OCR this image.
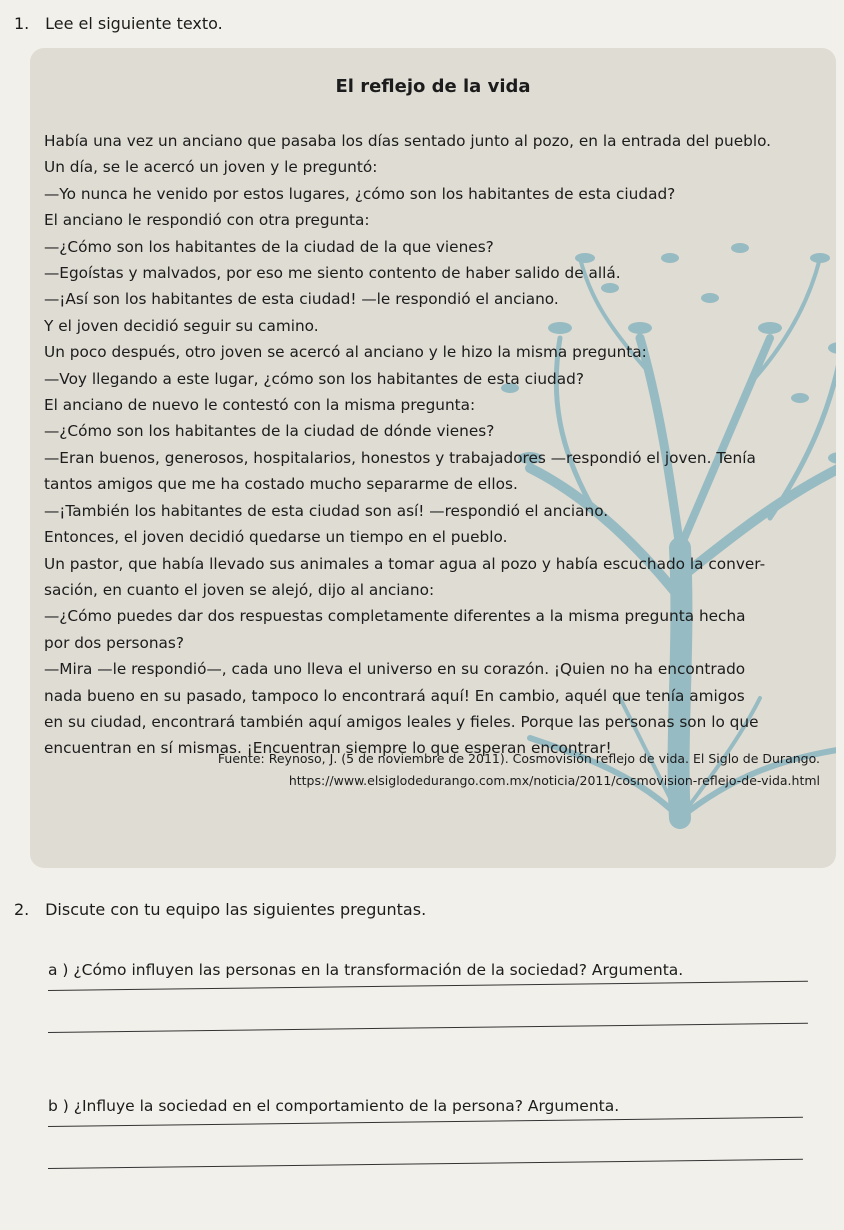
1. Lee el siguiente texto.
El reflejo de la vida

Había una vez un anciano que pasaba los días sentado junto al pozo, en la entrada del pueblo.

Un día, se le acercó un joven y le preguntó:

—Yo nunca he venido por estos lugares, ¿cómo son los habitantes de esta ciudad?

El anciano le respondió con otra pregunta:

—¿Cómo son los habitantes de la ciudad de la que vienes?

—Egoístas y malvados, por eso me siento contento de haber salido de allá.

—¡Así son los habitantes de esta ciudad! —le respondió el anciano.

Y el joven decidió seguir su camino.

Un poco después, otro joven se acercó al anciano y le hizo la misma pregunta:

—Voy llegando a este lugar, ¿cómo son los habitantes de esta ciudad?

El anciano de nuevo le contestó con la misma pregunta:

—¿Cómo son los habitantes de la ciudad de dónde vienes?

—Eran buenos, generosos, hospitalarios, honestos y trabajadores —respondió el joven. Tenía

tantos amigos que me ha costado mucho separarme de ellos.

—¡También los habitantes de esta ciudad son así! —respondió el anciano.

Entonces, el joven decidió quedarse un tiempo en el pueblo.

Un pastor, que había llevado sus animales a tomar agua al pozo y había escuchado la conver-

sación, en cuanto el joven se alejó, dijo al anciano:

—¿Cómo puedes dar dos respuestas completamente diferentes a la misma pregunta hecha

por dos personas?

—Mira —le respondió—, cada uno lleva el universo en su corazón. ¡Quien no ha encontrado

nada bueno en su pasado, tampoco lo encontrará aquí! En cambio, aquél que tenía amigos

en su ciudad, encontrará también aquí amigos leales y fieles. Porque las personas son lo que

encuentran en sí mismas. ¡Encuentran siempre lo que esperan encontrar!

Fuente: Reynoso, J. (5 de noviembre de 2011). Cosmovisión reflejo de vida. El Siglo de Durango.
https://www.elsiglodedurango.com.mx/noticia/2011/cosmovision-reflejo-de-vida.html
2. Discute con tu equipo las siguientes preguntas.
a ) ¿Cómo influyen las personas en la transformación de la sociedad? Argumenta.
b ) ¿Influye la sociedad en el comportamiento de la persona? Argumenta.
